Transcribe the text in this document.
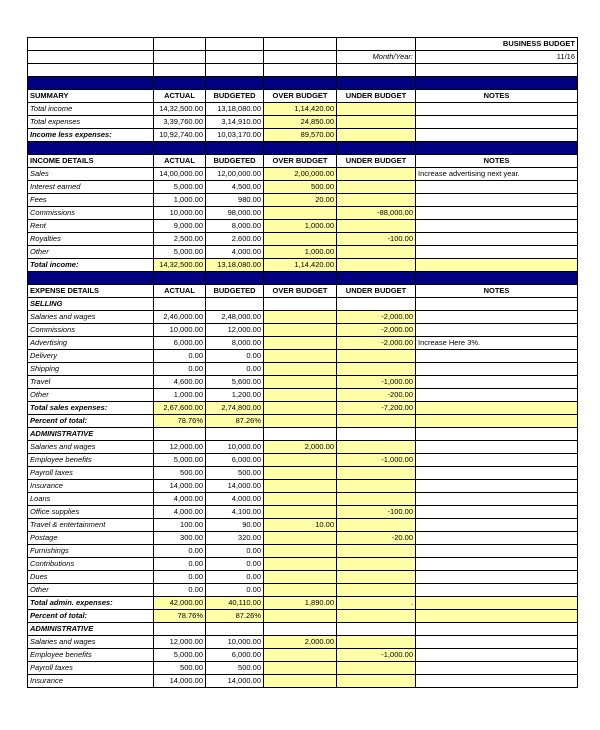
					BUSINESS BUDGET
				Month/Year:	11/16

SUMMARY	ACTUAL	BUDGETED	OVER BUDGET	UNDER BUDGET	NOTES
Total income	14,32,500.00	13,18,080.00	1,14,420.00		
Total expenses	3,39,760.00	3,14,910.00	24,850.00		
Income less expenses:	10,92,740.00	10,03,170.00	89,570.00		

INCOME DETAILS	ACTUAL	BUDGETED	OVER BUDGET	UNDER BUDGET	NOTES
Sales	14,00,000.00	12,00,000.00	2,00,000.00		Increase advertising next year.
Interest earned	5,000.00	4,500.00	500.00		
Fees	1,000.00	980.00	20.00		
Commissions	10,000.00	98,000.00		-88,000.00	
Rent	9,000.00	8,000.00	1,000.00		
Royalties	2,500.00	2,600.00		-100.00	
Other	5,000.00	4,000.00	1,000.00		
Total income:	14,32,500.00	13,18,080.00	1,14,420.00		

EXPENSE DETAILS	ACTUAL	BUDGETED	OVER BUDGET	UNDER BUDGET	NOTES
SELLING					
Salaries and wages	2,46,000.00	2,48,000.00		-2,000.00	
Commissions	10,000.00	12,000.00		-2,000.00	
Advertising	6,000.00	8,000.00		-2,000.00	Increase Here 3%.
Delivery	0.00	0.00			
Shipping	0.00	0.00			
Travel	4,600.00	5,600.00		-1,000.00	
Other	1,000.00	1,200.00		-200.00	
Total sales expenses:	2,67,600.00	2,74,800.00		-7,200.00	
Percent of total:	78.76%	87.26%			
ADMINISTRATIVE					
Salaries and wages	12,000.00	10,000.00	2,000.00		
Employee benefits	5,000.00	6,000.00		-1,000.00	
Payroll taxes	500.00	500.00			
Insurance	14,000.00	14,000.00			
Loans	4,000.00	4,000.00			
Office supplies	4,000.00	4,100.00		-100.00	
Travel & entertainment	100.00	90.00	10.00		
Postage	300.00	320.00		-20.00	
Furnishings	0.00	0.00			
Contributions	0.00	0.00			
Dues	0.00	0.00			
Other	0.00	0.00			
Total admin. expenses:	42,000.00	40,110.00	1,890.00	.	
Percent of total:	78.76%	87.26%			
ADMINISTRATIVE					
Salaries and wages	12,000.00	10,000.00	2,000.00		
Employee benefits	5,000.00	6,000.00		-1,000.00	
Payroll taxes	500.00	500.00			
Insurance	14,000.00	14,000.00			
